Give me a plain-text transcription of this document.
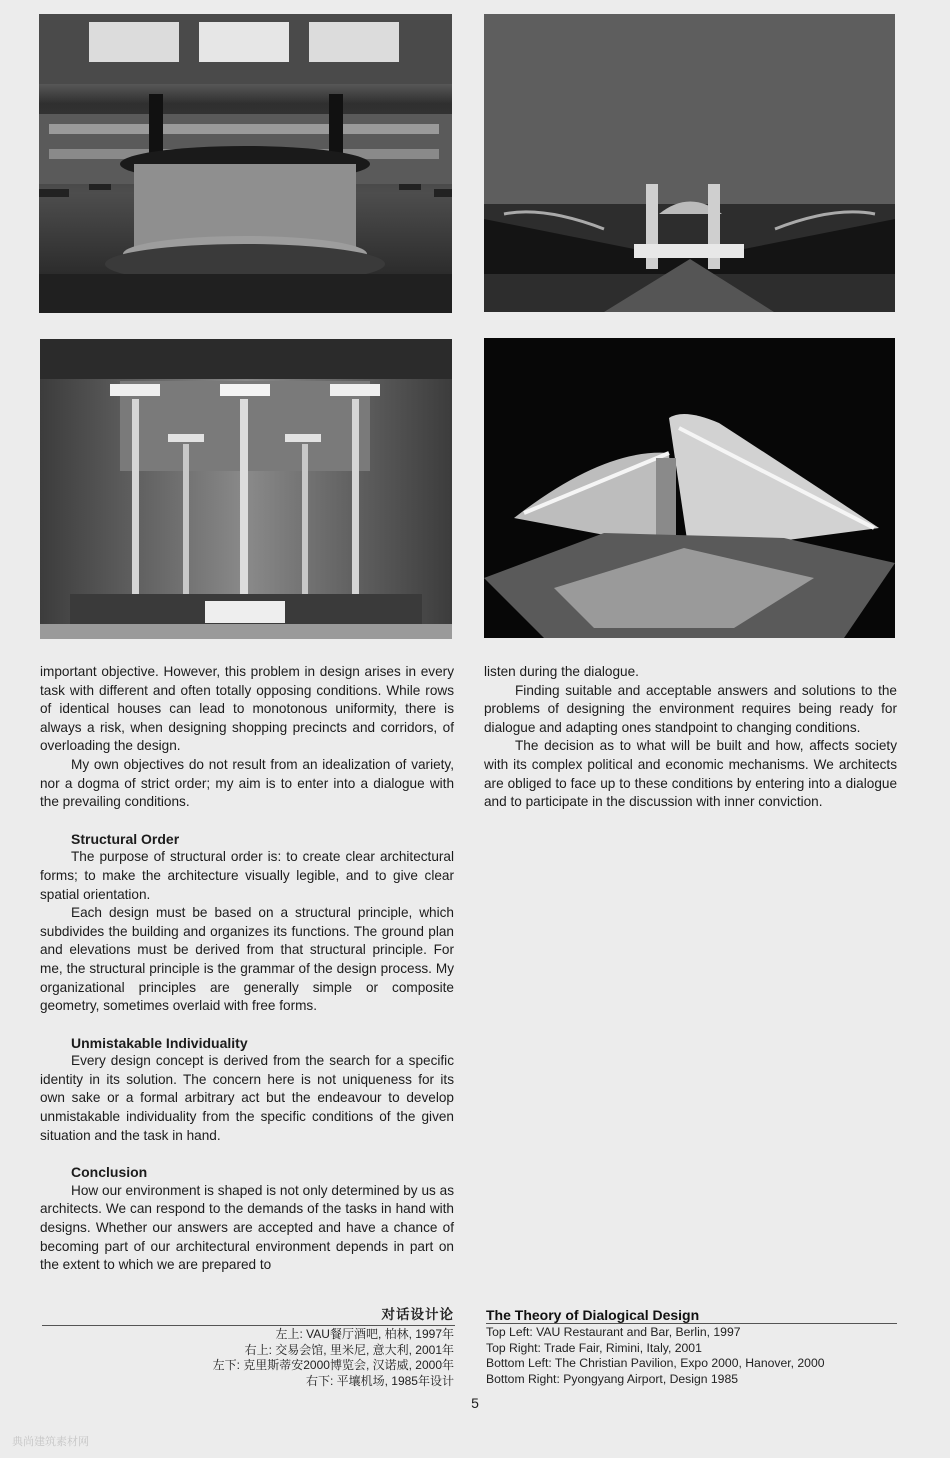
important objective. However, this problem in design arises in every task with different and often totally opposing conditions. While rows of identical houses can lead to monotonous uniformity, there is always a risk, when designing shopping precincts and corridors, of overloading the design.

My own objectives do not result from an idealization of variety, nor a dogma of strict order; my aim is to enter into a dialogue with the prevailing conditions.

Structural Order

The purpose of structural order is: to create clear architectural forms; to make the architecture visually legible, and to give clear spatial orientation.

Each design must be based on a structural principle, which subdivides the building and organizes its functions. The ground plan and elevations must be derived from that structural principle. For me, the structural principle is the grammar of the design process. My organizational principles are generally simple or composite geometry, sometimes overlaid with free forms.

Unmistakable Individuality

Every design concept is derived from the search for a specific identity in its solution. The concern here is not uniqueness for its own sake or a formal arbitrary act but the endeavour to develop unmistakable individuality from the specific conditions of the given situation and the task in hand.

Conclusion

How our environment is shaped is not only determined by us as architects. We can respond to the demands of the tasks in hand with designs. Whether our answers are accepted and have a chance of becoming part of our architectural environment depends in part on the extent to which we are prepared to

listen during the dialogue.

Finding suitable and acceptable answers and solutions to the problems of designing the environment requires being ready for dialogue and adapting ones standpoint to changing conditions.

The decision as to what will be built and how, affects society with its complex political and economic mechanisms. We architects are obliged to face up to these conditions by entering into a dialogue and to participate in the discussion with inner conviction.

对话设计论
左上: VAU餐厅酒吧, 柏林, 1997年
右上: 交易会馆, 里米尼, 意大利, 2001年
左下: 克里斯蒂安2000博览会, 汉诺威, 2000年
右下: 平壤机场, 1985年设计
The Theory of Dialogical Design
Top Left: VAU Restaurant and Bar, Berlin, 1997
Top Right: Trade Fair, Rimini, Italy, 2001
Bottom Left: The Christian Pavilion, Expo 2000, Hanover, 2000
Bottom Right: Pyongyang Airport, Design 1985
5
典尚建筑素材网
